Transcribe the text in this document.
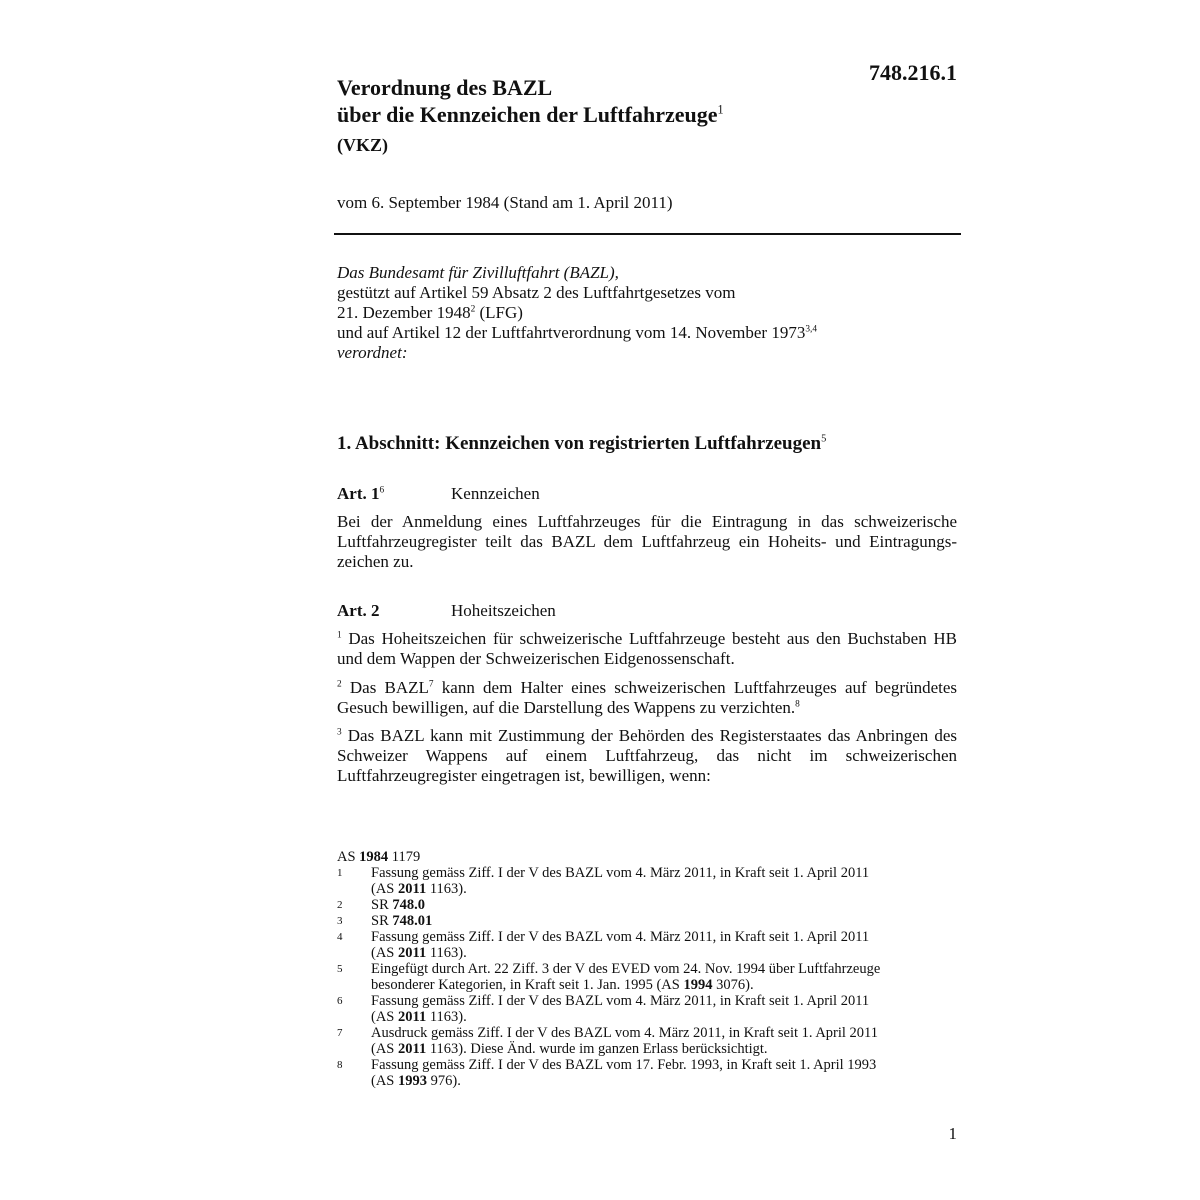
748.216.1
Verordnung des BAZL
über die Kennzeichen der Luftfahrzeuge$^1$
(VKZ)
vom 6. September 1984 (Stand am 1. April 2011)
Das Bundesamt für Zivilluftfahrt (BAZL),
gestützt auf Artikel 59 Absatz 2 des Luftfahrtgesetzes vom
21. Dezember 1948$^2$ (LFG)
und auf Artikel 12 der Luftfahrtverordnung vom 14. November 1973$^{3,4}$
verordnet:
1. Abschnitt: Kennzeichen von registrierten Luftfahrzeugen$^5$
Art. $1^6$	Kennzeichen

Bei der Anmeldung eines Luftfahrzeuges für die Eintragung in das schweizerische Luftfahrzeugregister teilt das BAZL dem Luftfahrzeug ein Hoheits- und Eintragungszeichen zu.

Art. 2	Hoheitszeichen

$^1$ Das Hoheitszeichen für schweizerische Luftfahrzeuge besteht aus den Buchstaben HB und dem Wappen der Schweizerischen Eidgenossenschaft.

$^2$ Das BAZL$^7$ kann dem Halter eines schweizerischen Luftfahrzeuges auf begründetes Gesuch bewilligen, auf die Darstellung des Wappens zu verzichten.$^8$

$^3$ Das BAZL kann mit Zustimmung der Behörden des Registerstaates das Anbringen des Schweizer Wappens auf einem Luftfahrzeug, das nicht im schweizerischen Luftfahrzeugregister eingetragen ist, bewilligen, wenn:

AS 1984 1179
1	Fassung gemäss Ziff. I der V des BAZL vom 4. März 2011, in Kraft seit 1. April 2011
(AS 2011 1163).
2	SR 748.0
3	SR 748.01
4	Fassung gemäss Ziff. I der V des BAZL vom 4. März 2011, in Kraft seit 1. April 2011
(AS 2011 1163).
5	Eingefügt durch Art. 22 Ziff. 3 der V des EVED vom 24. Nov. 1994 über Luftfahrzeuge
besonderer Kategorien, in Kraft seit 1. Jan. 1995 (AS 1994 3076).
6	Fassung gemäss Ziff. I der V des BAZL vom 4. März 2011, in Kraft seit 1. April 2011
(AS 2011 1163).
7	Ausdruck gemäss Ziff. I der V des BAZL vom 4. März 2011, in Kraft seit 1. April 2011
(AS 2011 1163). Diese Änd. wurde im ganzen Erlass berücksichtigt.
8	Fassung gemäss Ziff. I der V des BAZL vom 17. Febr. 1993, in Kraft seit 1. April 1993
(AS 1993 976).
1
